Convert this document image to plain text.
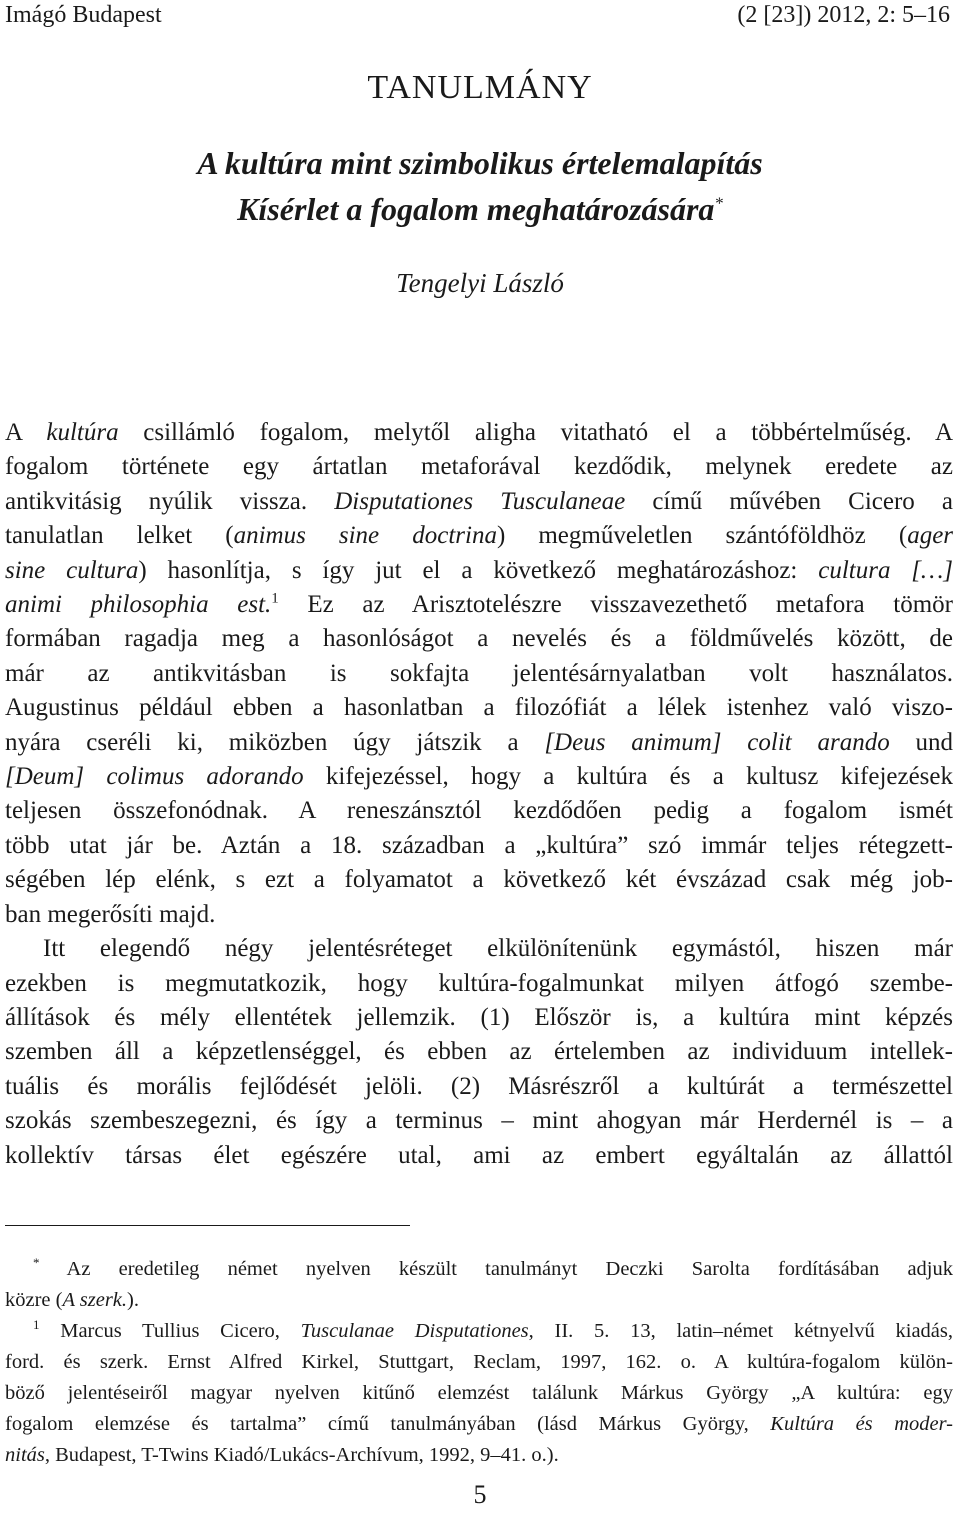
Imágó Budapest	(2 [23]) 2012, 2: 5–16
TANULMÁNY
A kultúra mint szimbolikus értelemalapítás
Kísérlet a fogalom meghatározására*
Tengelyi László
A kultúra csillámló fogalom, melytől aligha vitatható el a többértelműség. A
fogalom története egy ártatlan metaforával kezdődik, melynek eredete az
antikvitásig nyúlik vissza. Disputationes Tusculaneae című művében Cicero a
tanulatlan lelket (animus sine doctrina) megműveletlen szántóföldhöz (ager
sine cultura) hasonlítja, s így jut el a következő meghatározáshoz: cultura […]
animi philosophia est.$^1$ Ez az Arisztotelészre visszavezethető metafora tömör
formában ragadja meg a hasonlóságot a nevelés és a földművelés között, de
már az antikvitásban is sokfajta jelentésárnyalatban volt használatos.
Augustinus például ebben a hasonlatban a filozófiát a lélek istenhez való viszo-
nyára cseréli ki, miközben úgy játszik a [Deus animum] colit arando und
[Deum] colimus adorando kifejezéssel, hogy a kultúra és a kultusz kifejezések
teljesen összefonódnak. A reneszánsztól kezdődően pedig a fogalom ismét
több utat jár be. Aztán a 18. században a „kultúra” szó immár teljes rétegzett-
ségében lép elénk, s ezt a folyamatot a következő két évszázad csak még job-
ban megerősíti majd.
Itt elegendő négy jelentésréteget elkülönítenünk egymástól, hiszen már
ezekben is megmutatkozik, hogy kultúra-fogalmunkat milyen átfogó szembe-
állítások és mély ellentétek jellemzik. (1) Először is, a kultúra mint képzés
szemben áll a képzetlenséggel, és ebben az értelemben az individuum intellek-
tuális és morális fejlődését jelöli. (2) Másrészről a kultúrát a természettel
szokás szembeszegezni, és így a terminus – mint ahogyan már Herdernél is – a
kollektív társas élet egészére utal, ami az embert egyáltalán az állattól
* Az eredetileg német nyelven készült tanulmányt Deczki Sarolta fordításában adjuk
közre (A szerk.).
$^1$ Marcus Tullius Cicero, Tusculanae Disputationes, II. 5. 13, latin–német kétnyelvű kiadás,
ford. és szerk. Ernst Alfred Kirkel, Stuttgart, Reclam, 1997, 162. o. A kultúra-fogalom külön-
böző jelentéseiről magyar nyelven kitűnő elemzést találunk Márkus György „A kultúra: egy
fogalom elemzése és tartalma” című tanulmányában (lásd Márkus György, Kultúra és moder-
nitás, Budapest, T-Twins Kiadó/Lukács-Archívum, 1992, 9–41. o.).
5
